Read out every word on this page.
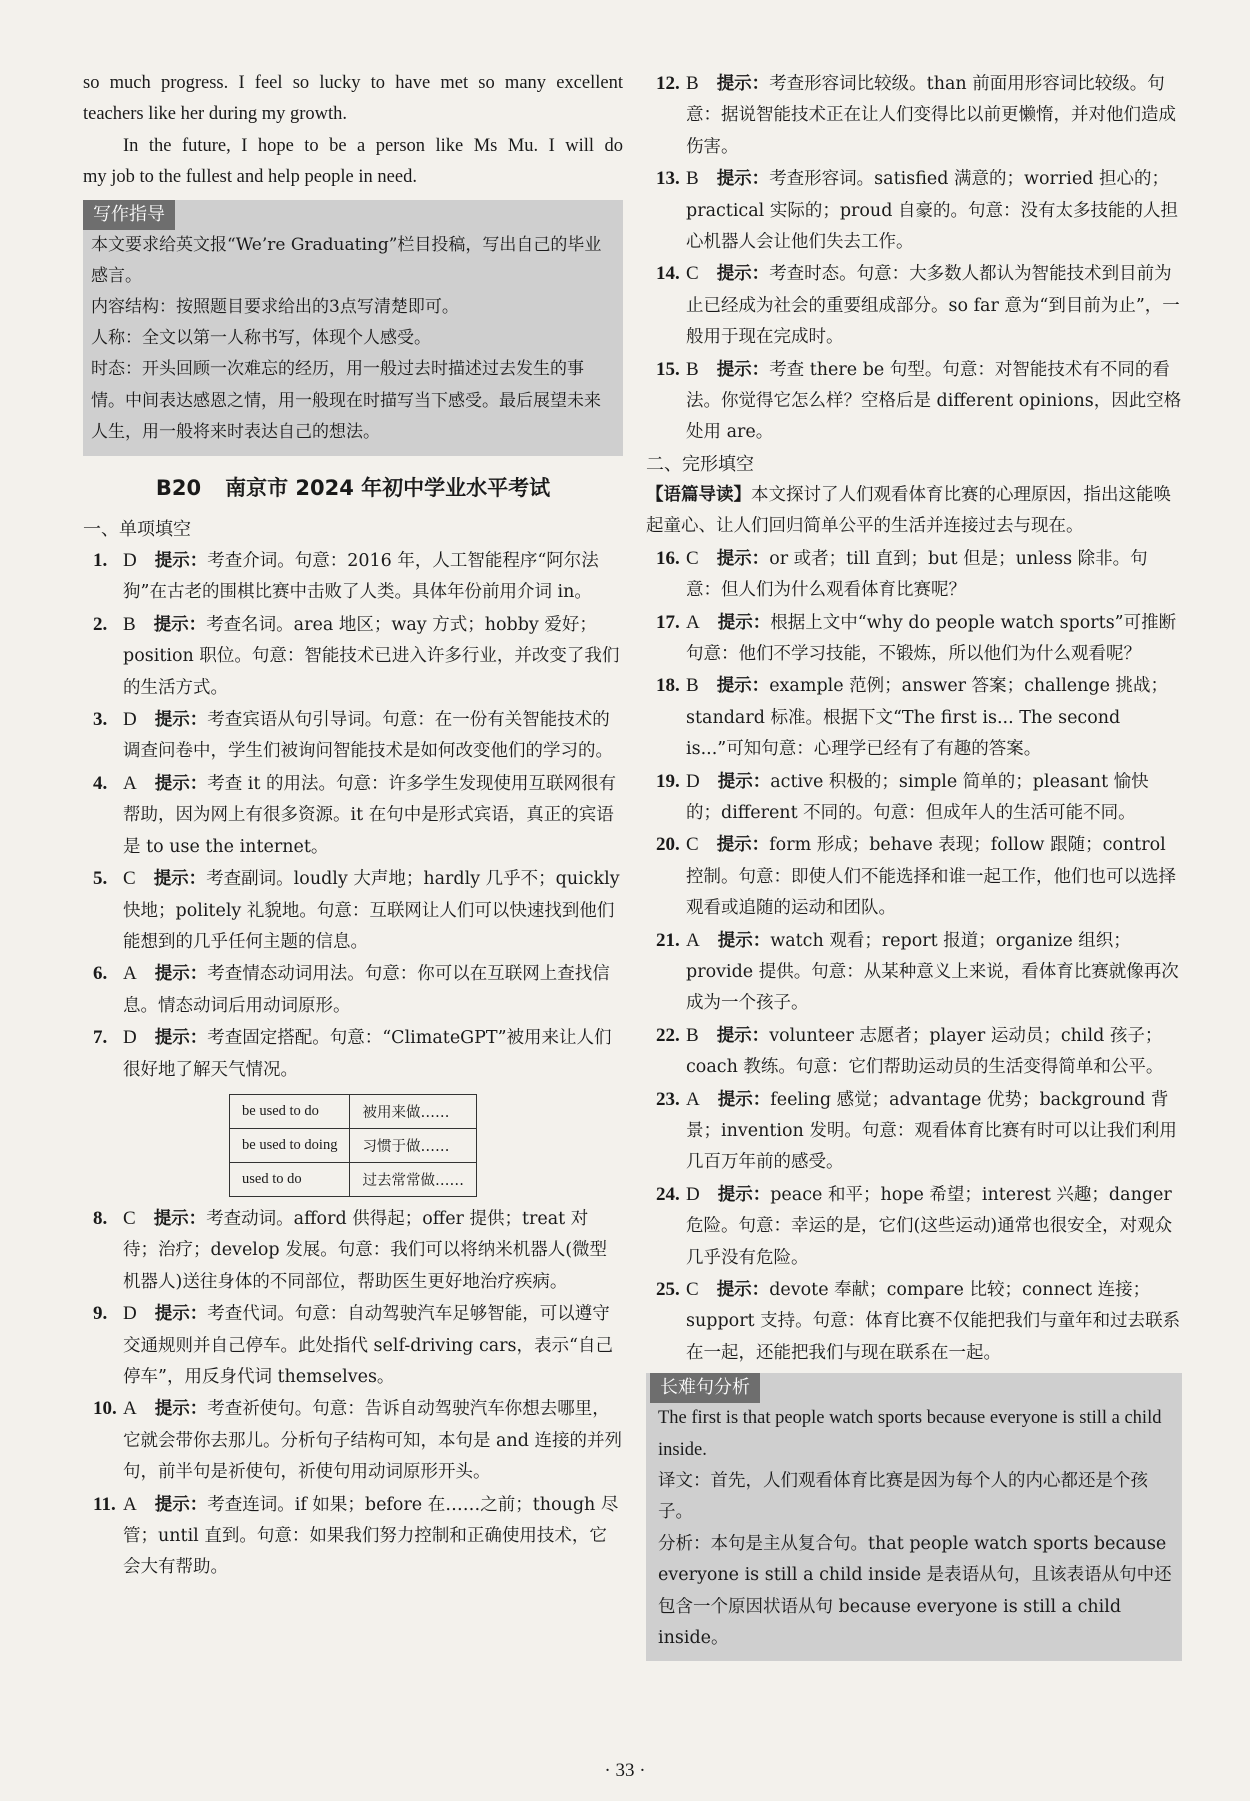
so much progress. I feel so lucky to have met so many excellent

teachers like her during my growth.

In the future, I hope to be a person like Ms Mu. I will do

my job to the fullest and help people in need.

写作指导

本文要求给英文报“We’re Graduating”栏目投稿，写出自己的毕业感言。

内容结构：按照题目要求给出的3点写清楚即可。

人称：全文以第一人称书写，体现个人感受。

时态：开头回顾一次难忘的经历，用一般过去时描述过去发生的事情。中间表达感恩之情，用一般现在时描写当下感受。最后展望未来人生，用一般将来时表达自己的想法。

B20 南京市 2024 年初中学业水平考试

一、单项填空

1. D 提示：考查介词。句意：2016 年，人工智能程序“阿尔法狗”在古老的围棋比赛中击败了人类。具体年份前用介词 in。

2. B 提示：考查名词。area 地区；way 方式；hobby 爱好；position 职位。句意：智能技术已进入许多行业，并改变了我们的生活方式。

3. D 提示：考查宾语从句引导词。句意：在一份有关智能技术的调查问卷中，学生们被询问智能技术是如何改变他们的学习的。

4. A 提示：考查 it 的用法。句意：许多学生发现使用互联网很有帮助，因为网上有很多资源。it 在句中是形式宾语，真正的宾语是 to use the internet。

5. C 提示：考查副词。loudly 大声地；hardly 几乎不；quickly 快地；politely 礼貌地。句意：互联网让人们可以快速找到他们能想到的几乎任何主题的信息。

6. A 提示：考查情态动词用法。句意：你可以在互联网上查找信息。情态动词后用动词原形。

7. D 提示：考查固定搭配。句意：“ClimateGPT”被用来让人们很好地了解天气情况。

be used to do	被用来做……
be used to doing	习惯于做……
used to do	过去常常做……

8. C 提示：考查动词。afford 供得起；offer 提供；treat 对待；治疗；develop 发展。句意：我们可以将纳米机器人(微型机器人)送往身体的不同部位，帮助医生更好地治疗疾病。

9. D 提示：考查代词。句意：自动驾驶汽车足够智能，可以遵守交通规则并自己停车。此处指代 self-driving cars，表示“自己停车”，用反身代词 themselves。

10. A 提示：考查祈使句。句意：告诉自动驾驶汽车你想去哪里，它就会带你去那儿。分析句子结构可知，本句是 and 连接的并列句，前半句是祈使句，祈使句用动词原形开头。

11. A 提示：考查连词。if 如果；before 在……之前；though 尽管；until 直到。句意：如果我们努力控制和正确使用技术，它会大有帮助。

12. B 提示：考查形容词比较级。than 前面用形容词比较级。句意：据说智能技术正在让人们变得比以前更懒惰，并对他们造成伤害。

13. B 提示：考查形容词。satisfied 满意的；worried 担心的；practical 实际的；proud 自豪的。句意：没有太多技能的人担心机器人会让他们失去工作。

14. C 提示：考查时态。句意：大多数人都认为智能技术到目前为止已经成为社会的重要组成部分。so far 意为“到目前为止”，一般用于现在完成时。

15. B 提示：考查 there be 句型。句意：对智能技术有不同的看法。你觉得它怎么样？空格后是 different opinions，因此空格处用 are。

二、完形填空

【语篇导读】本文探讨了人们观看体育比赛的心理原因，指出这能唤起童心、让人们回归简单公平的生活并连接过去与现在。

16. C 提示：or 或者；till 直到；but 但是；unless 除非。句意：但人们为什么观看体育比赛呢？

17. A 提示：根据上文中“why do people watch sports”可推断句意：他们不学习技能，不锻炼，所以他们为什么观看呢？

18. B 提示：example 范例；answer 答案；challenge 挑战；standard 标准。根据下文“The first is... The second is...”可知句意：心理学已经有了有趣的答案。

19. D 提示：active 积极的；simple 简单的；pleasant 愉快的；different 不同的。句意：但成年人的生活可能不同。

20. C 提示：form 形成；behave 表现；follow 跟随；control 控制。句意：即使人们不能选择和谁一起工作，他们也可以选择观看或追随的运动和团队。

21. A 提示：watch 观看；report 报道；organize 组织；provide 提供。句意：从某种意义上来说，看体育比赛就像再次成为一个孩子。

22. B 提示：volunteer 志愿者；player 运动员；child 孩子；coach 教练。句意：它们帮助运动员的生活变得简单和公平。

23. A 提示：feeling 感觉；advantage 优势；background 背景；invention 发明。句意：观看体育比赛有时可以让我们利用几百万年前的感受。

24. D 提示：peace 和平；hope 希望；interest 兴趣；danger 危险。句意：幸运的是，它们(这些运动)通常也很安全，对观众几乎没有危险。

25. C 提示：devote 奉献；compare 比较；connect 连接；support 支持。句意：体育比赛不仅能把我们与童年和过去联系在一起，还能把我们与现在联系在一起。

长难句分析

The first is that people watch sports because everyone is still a child inside.

译文：首先，人们观看体育比赛是因为每个人的内心都还是个孩子。

分析：本句是主从复合句。that people watch sports because everyone is still a child inside 是表语从句，且该表语从句中还包含一个原因状语从句 because everyone is still a child inside。

· 33 ·
